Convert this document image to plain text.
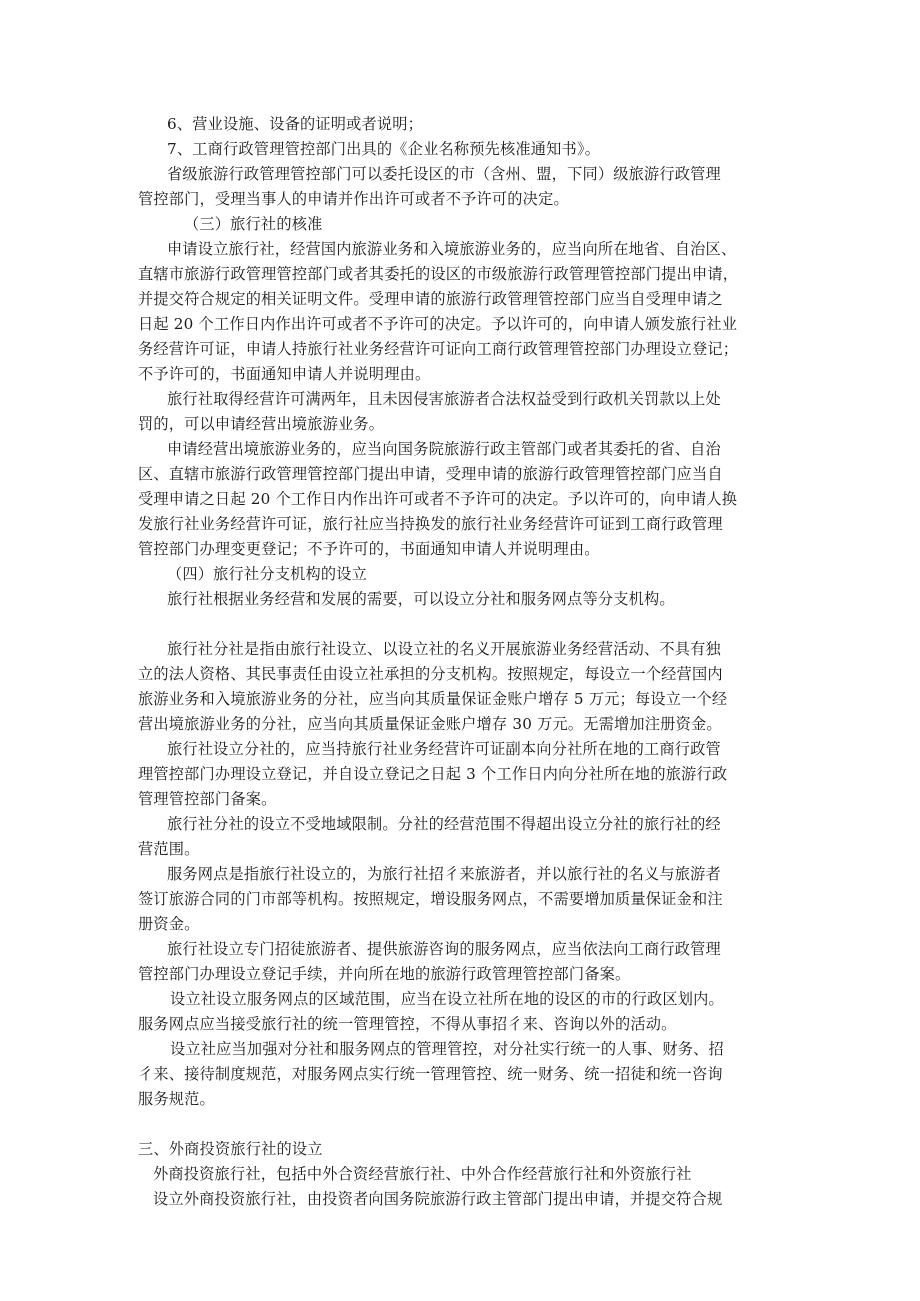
6、营业设施、设备的证明或者说明；
7、工商行政管理管控部门出具的《企业名称预先核准通知书》。
省级旅游行政管理管控部门可以委托设区的市（含州、盟，下同）级旅游行政管理
管控部门，受理当事人的申请并作出许可或者不予许可的决定。
（三）旅行社的核准
申请设立旅行社，经营国内旅游业务和入境旅游业务的，应当向所在地省、自治区、
直辖市旅游行政管理管控部门或者其委托的设区的市级旅游行政管理管控部门提出申请，
并提交符合规定的相关证明文件。受理申请的旅游行政管理管控部门应当自受理申请之
日起 20 个工作日内作出许可或者不予许可的决定。予以许可的，向申请人颁发旅行社业
务经营许可证，申请人持旅行社业务经营许可证向工商行政管理管控部门办理设立登记；
不予许可的，书面通知申请人并说明理由。
旅行社取得经营许可满两年，且未因侵害旅游者合法权益受到行政机关罚款以上处
罚的，可以申请经营出境旅游业务。
申请经营出境旅游业务的，应当向国务院旅游行政主管部门或者其委托的省、自治
区、直辖市旅游行政管理管控部门提出申请，受理申请的旅游行政管理管控部门应当自
受理申请之日起 20 个工作日内作出许可或者不予许可的决定。予以许可的，向申请人换
发旅行社业务经营许可证，旅行社应当持换发的旅行社业务经营许可证到工商行政管理
管控部门办理变更登记；不予许可的，书面通知申请人并说明理由。
（四）旅行社分支机构的设立
旅行社根据业务经营和发展的需要，可以设立分社和服务网点等分支机构。
旅行社分社是指由旅行社设立、以设立社的名义开展旅游业务经营活动、不具有独
立的法人资格、其民事责任由设立社承担的分支机构。按照规定，每设立一个经营国内
旅游业务和入境旅游业务的分社，应当向其质量保证金账户增存 5 万元；每设立一个经
营出境旅游业务的分社，应当向其质量保证金账户增存 30 万元。无需增加注册资金。
旅行社设立分社的，应当持旅行社业务经营许可证副本向分社所在地的工商行政管
理管控部门办理设立登记，并自设立登记之日起 3 个工作日内向分社所在地的旅游行政
管理管控部门备案。
旅行社分社的设立不受地域限制。分社的经营范围不得超出设立分社的旅行社的经
营范围。
服务网点是指旅行社设立的，为旅行社招彳来旅游者，并以旅行社的名义与旅游者
签订旅游合同的门市部等机构。按照规定，增设服务网点，不需要增加质量保证金和注
册资金。
旅行社设立专门招徒旅游者、提供旅游咨询的服务网点，应当依法向工商行政管理
管控部门办理设立登记手续，并向所在地的旅游行政管理管控部门备案。
设立社设立服务网点的区域范围，应当在设立社所在地的设区的市的行政区划内。
服务网点应当接受旅行社的统一管理管控，不得从事招彳来、咨询以外的活动。
设立社应当加强对分社和服务网点的管理管控，对分社实行统一的人事、财务、招
彳来、接待制度规范，对服务网点实行统一管理管控、统一财务、统一招徒和统一咨询
服务规范。
三、外商投资旅行社的设立
外商投资旅行社，包括中外合资经营旅行社、中外合作经营旅行社和外资旅行社
设立外商投资旅行社，由投资者向国务院旅游行政主管部门提出申请，并提交符合规
